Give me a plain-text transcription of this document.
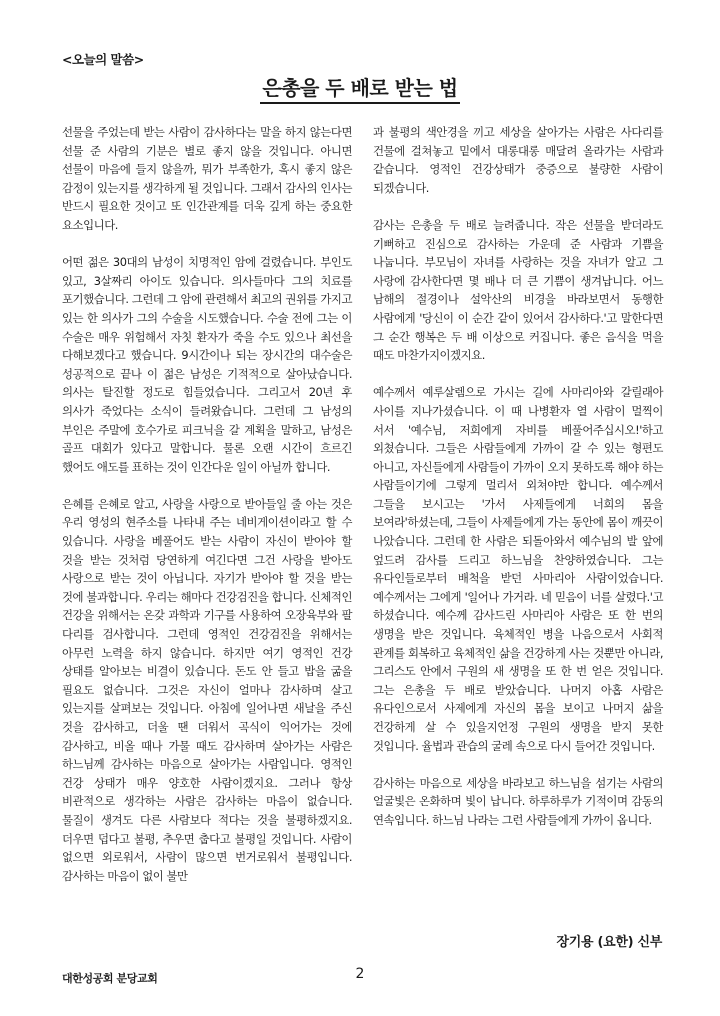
<오늘의 말씀>
은총을 두 배로 받는 법

선물을 주었는데 받는 사람이 감사하다는 말을 하지 않는다면 선물 준 사람의 기분은 별로 좋지 않을 것입니다. 아니면 선물이 마음에 들지 않을까, 뭐가 부족한가, 혹시 좋지 않은 감정이 있는지를 생각하게 될 것입니다. 그래서 감사의 인사는 반드시 필요한 것이고 또 인간관계를 더욱 깊게 하는 중요한 요소입니다.

어떤 젊은 30대의 남성이 치명적인 암에 걸렸습니다. 부인도 있고, 3살짜리 아이도 있습니다. 의사들마다 그의 치료를 포기했습니다. 그런데 그 암에 관련해서 최고의 권위를 가지고 있는 한 의사가 그의 수술을 시도했습니다. 수술 전에 그는 이 수술은 매우 위험해서 자칫 환자가 죽을 수도 있으나 최선을 다해보겠다고 했습니다. 9시간이나 되는 장시간의 대수술은 성공적으로 끝나 이 젊은 남성은 기적적으로 살아났습니다. 의사는 탈진할 정도로 힘들었습니다. 그리고서 20년 후 의사가 죽었다는 소식이 들려왔습니다. 그런데 그 남성의 부인은 주말에 호수가로 피크닉을 갈 계획을 말하고, 남성은 골프 대회가 있다고 말합니다. 물론 오랜 시간이 흐르긴 했어도 애도를 표하는 것이 인간다운 일이 아닐까 합니다.

은혜를 은혜로 알고, 사랑을 사랑으로 받아들일 줄 아는 것은 우리 영성의 현주소를 나타내 주는 네비게이션이라고 할 수 있습니다. 사랑을 베풀어도 받는 사람이 자신이 받아야 할 것을 받는 것처럼 당연하게 여긴다면 그건 사랑을 받아도 사랑으로 받는 것이 아닙니다. 자기가 받아야 할 것을 받는 것에 불과합니다. 우리는 해마다 건강검진을 합니다. 신체적인 건강을 위해서는 온갖 과학과 기구를 사용하여 오장육부와 팔 다리를 검사합니다. 그런데 영적인 건강검진을 위해서는 아무런 노력을 하지 않습니다. 하지만 여기 영적인 건강 상태를 알아보는 비결이 있습니다. 돈도 안 들고 밥을 굶을 필요도 없습니다. 그것은 자신이 얼마나 감사하며 살고 있는지를 살펴보는 것입니다. 아침에 일어나면 새날을 주신 것을 감사하고, 더울 땐 더워서 곡식이 익어가는 것에 감사하고, 비올 때나 가물 때도 감사하며 살아가는 사람은 하느님께 감사하는 마음으로 살아가는 사람입니다. 영적인 건강 상태가 매우 양호한 사람이겠지요. 그러나 항상 비관적으로 생각하는 사람은 감사하는 마음이 없습니다. 물질이 생겨도 다른 사람보다 적다는 것을 불평하겠지요. 더우면 덥다고 불평, 추우면 춥다고 불평일 것입니다. 사람이 없으면 외로워서, 사람이 많으면 번거로워서 불평입니다. 감사하는 마음이 없이 불만

과 불평의 색안경을 끼고 세상을 살아가는 사람은 사다리를 건물에 걸쳐놓고 밑에서 대롱대롱 매달려 올라가는 사람과 같습니다. 영적인 건강상태가 중증으로 불량한 사람이 되겠습니다.

감사는 은총을 두 배로 늘려줍니다. 작은 선물을 받더라도 기뻐하고 진심으로 감사하는 가운데 준 사람과 기쁨을 나눕니다. 부모님이 자녀를 사랑하는 것을 자녀가 알고 그 사랑에 감사한다면 몇 배나 더 큰 기쁨이 생겨납니다. 어느 남해의 절경이나 설악산의 비경을 바라보면서 동행한 사람에게 '당신이 이 순간 같이 있어서 감사하다.'고 말한다면 그 순간 행복은 두 배 이상으로 커집니다. 좋은 음식을 먹을 때도 마찬가지이겠지요.

예수께서 예루살렘으로 가시는 길에 사마리아와 갈릴래아 사이를 지나가셨습니다. 이 때 나병환자 열 사람이 멀찍이 서서 '예수님, 저희에게 자비를 베풀어주십시오!'하고 외쳤습니다. 그들은 사람들에게 가까이 갈 수 있는 형편도 아니고, 자신들에게 사람들이 가까이 오지 못하도록 해야 하는 사람들이기에 그렇게 멀리서 외쳐야만 합니다. 예수께서 그들을 보시고는 '가서 사제들에게 너희의 몸을 보여라'하셨는데, 그들이 사제들에게 가는 동안에 몸이 깨끗이 나았습니다. 그런데 한 사람은 되돌아와서 예수님의 발 앞에 엎드려 감사를 드리고 하느님을 찬양하였습니다. 그는 유다인들로부터 배척을 받던 사마리아 사람이었습니다. 예수께서는 그에게 '일어나 가거라. 네 믿음이 너를 살렸다.'고 하셨습니다. 예수께 감사드린 사마리아 사람은 또 한 번의 생명을 받은 것입니다. 육체적인 병을 나음으로서 사회적 관계를 회복하고 육체적인 삶을 건강하게 사는 것뿐만 아니라, 그리스도 안에서 구원의 새 생명을 또 한 번 얻은 것입니다. 그는 은총을 두 배로 받았습니다. 나머지 아홉 사람은 유다인으로서 사제에게 자신의 몸을 보이고 나머지 삶을 건강하게 살 수 있을지언정 구원의 생명을 받지 못한 것입니다. 율법과 관습의 굴레 속으로 다시 들어간 것입니다.

감사하는 마음으로 세상을 바라보고 하느님을 섬기는 사람의 얼굴빛은 온화하며 빛이 납니다. 하루하루가 기적이며 감동의 연속입니다. 하느님 나라는 그런 사람들에게 가까이 옵니다.

장기용 (요한) 신부
대한성공회 분당교회	2
